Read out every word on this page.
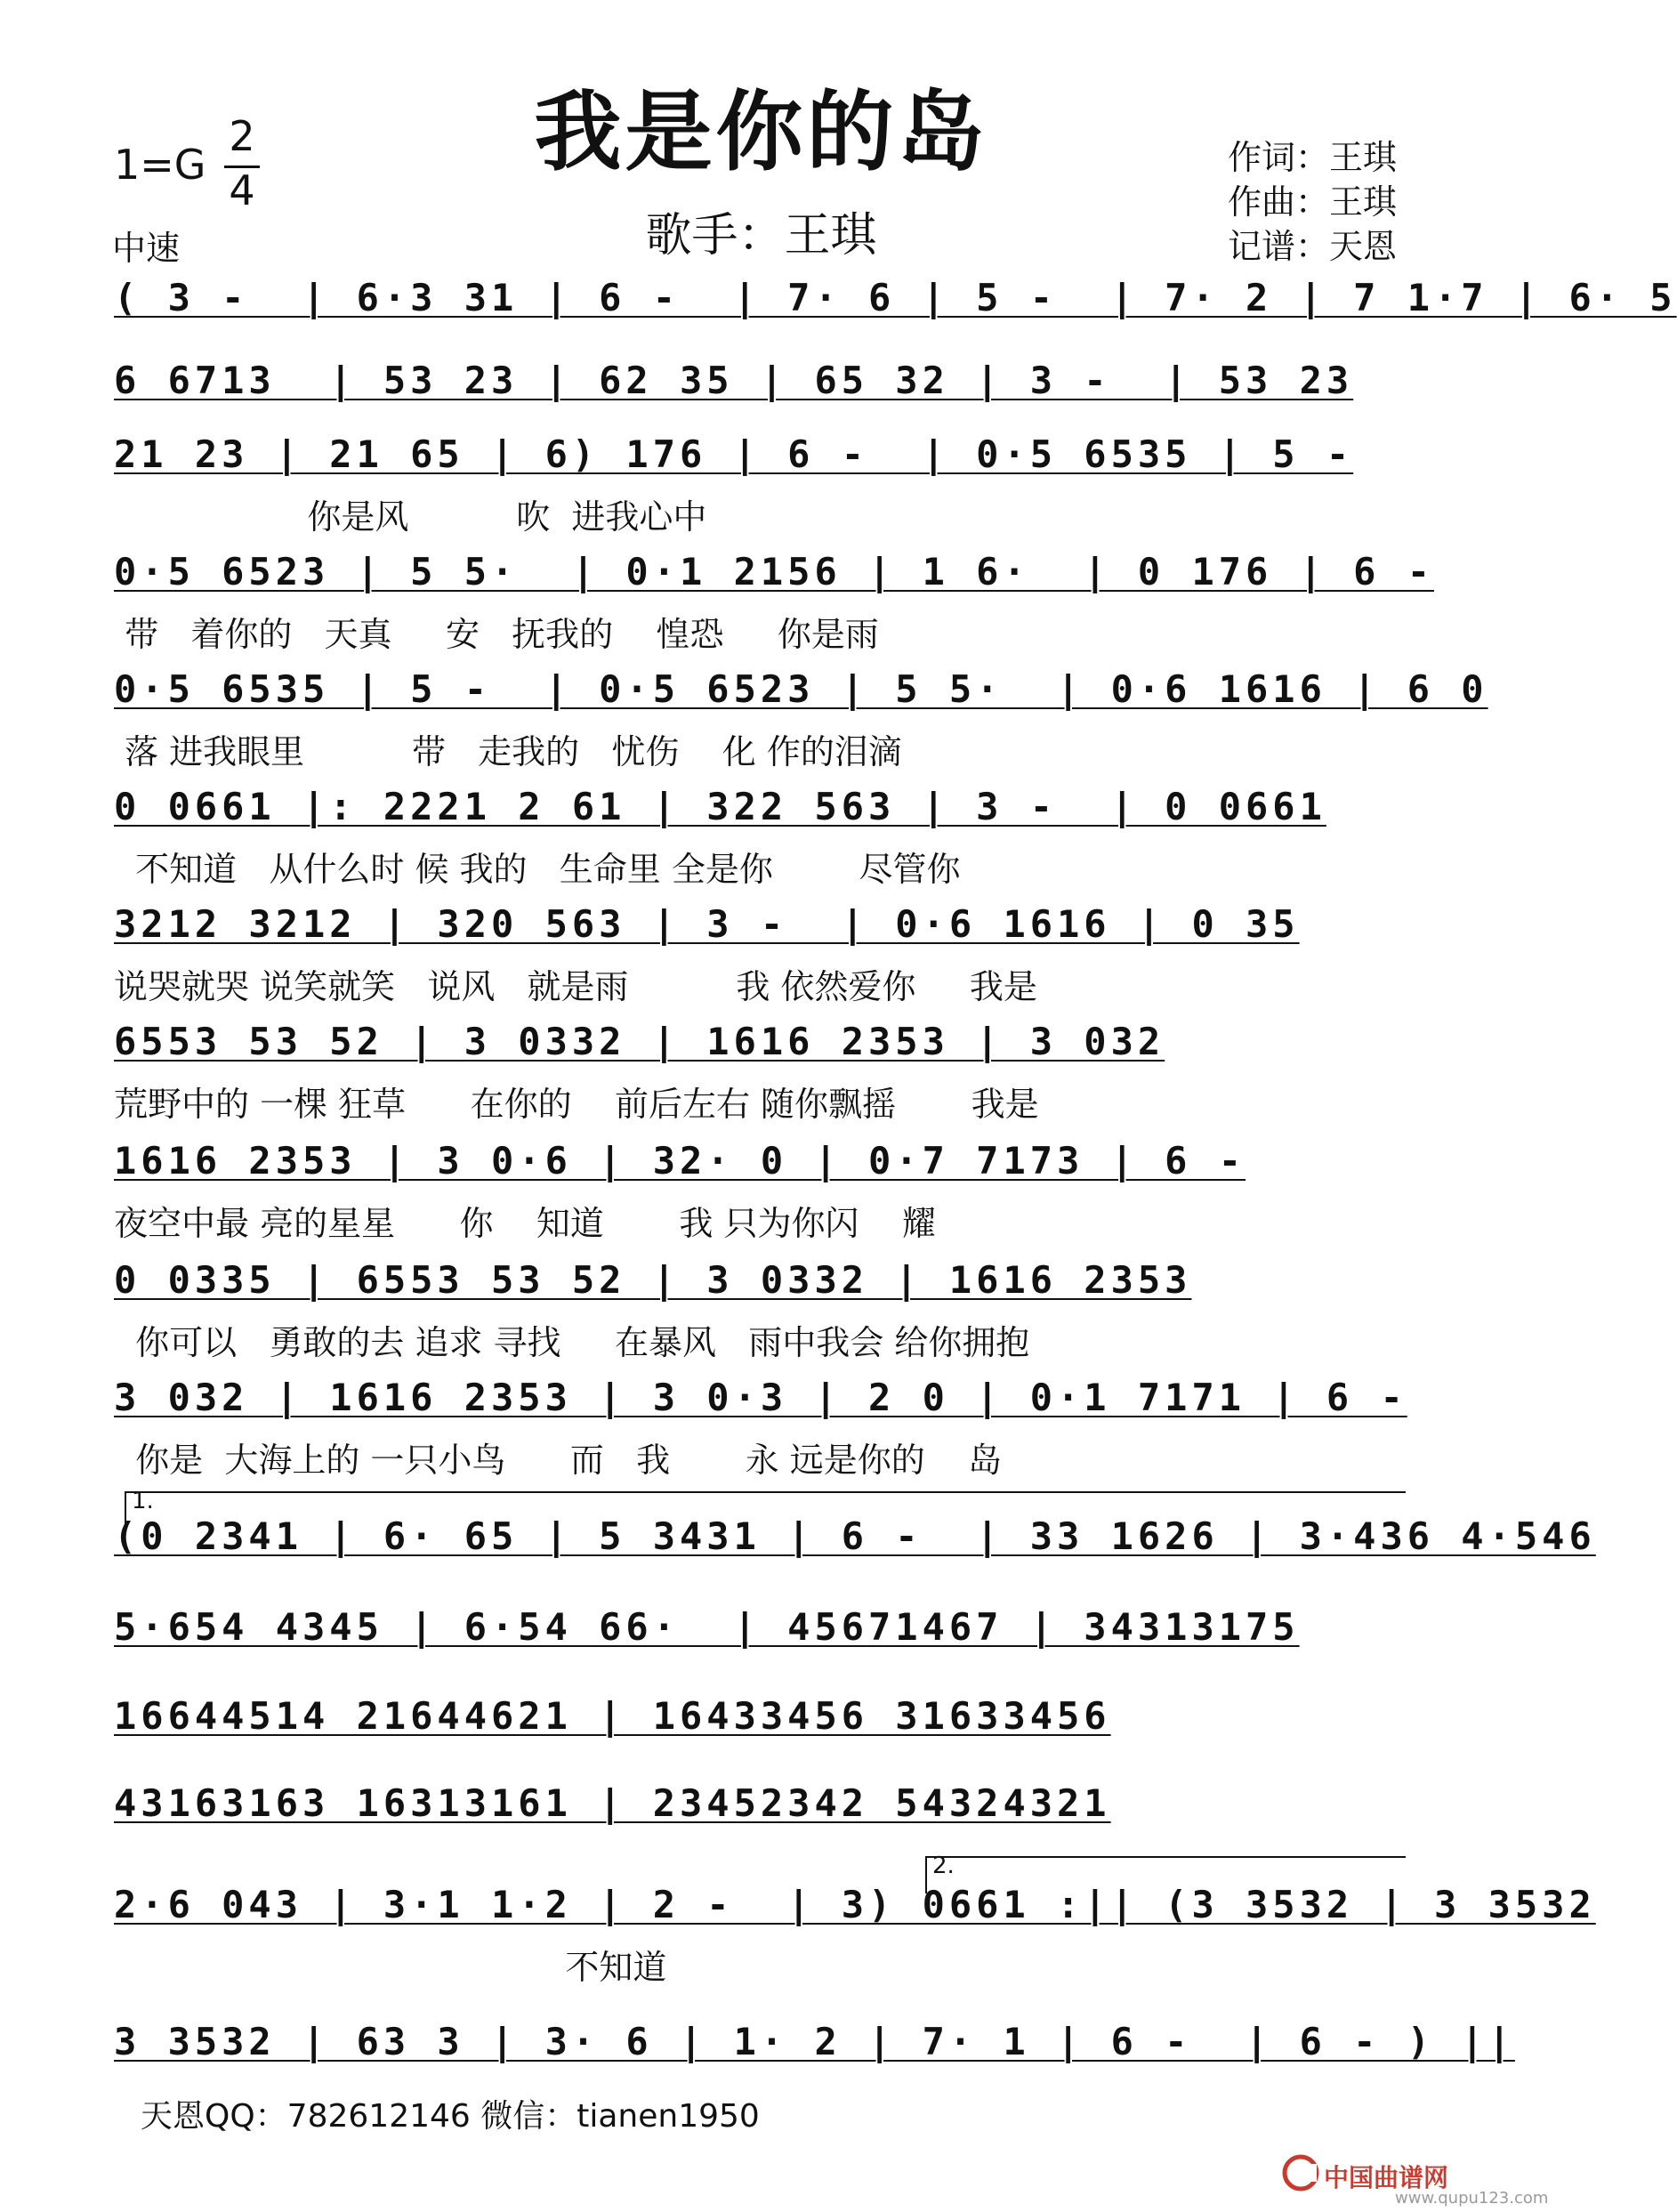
我是你的岛
歌手：王琪
1=G
2
4
中速
作词：王琪
作曲：王琪
记谱：天恩
( 3 -  | 6·3 31 | 6 -  | 7· 6 | 5 -  | 7· 2 | 7 1·7 | 6· 5
6 6713  | 53 23 | 62 35 | 65 32 | 3 -  | 53 23
21 23 | 21 65 | 6) 176 | 6 -  | 0·5 6535 | 5 -
你是风          吹  进我心中
0·5 6523 | 5 5·  | 0·1 2156 | 1 6·  | 0 176 | 6 -
带   着你的   天真     安   抚我的    惶恐     你是雨
0·5 6535 | 5 -  | 0·5 6523 | 5 5·  | 0·6 1616 | 6 0
落 进我眼里          带   走我的   忧伤    化 作的泪滴
0 0661 |: 2221 2 61 | 322 563 | 3 -  | 0 0661
不知道   从什么时 候 我的   生命里 全是你        尽管你
3212 3212 | 320 563 | 3 -  | 0·6 1616 | 0 35
说哭就哭 说笑就笑   说风   就是雨          我 依然爱你     我是
6553 53 52 | 3 0332 | 1616 2353 | 3 032
荒野中的 一棵 狂草      在你的    前后左右 随你飘摇       我是
1616 2353 | 3 0·6 | 32· 0 | 0·7 7173 | 6 -
夜空中最 亮的星星      你    知道       我 只为你闪    耀
0 0335 | 6553 53 52 | 3 0332 | 1616 2353
你可以   勇敢的去 追求 寻找     在暴风   雨中我会 给你拥抱
3 032 | 1616 2353 | 3 0·3 | 2 0 | 0·1 7171 | 6 -
你是  大海上的 一只小鸟      而   我       永 远是你的    岛
1.
(0 2341 | 6· 65 | 5 3431 | 6 -  | 33 1626 | 3·436 4·546
5·654 4345 | 6·54 66·  | 45671467 | 34313175
16644514 21644621 | 16433456 31633456
43163163 16313161 | 23452342 54324321
2.
2·6 043 | 3·1 1·2 | 2 -  | 3) 0661 :|| (3 3532 | 3 3532
不知道
3 3532 | 63 3 | 3· 6 | 1· 2 | 7· 1 | 6 -  | 6 - ) ||
天恩QQ：782612146 微信：tianen1950
中国曲谱网
www.qupu123.com
